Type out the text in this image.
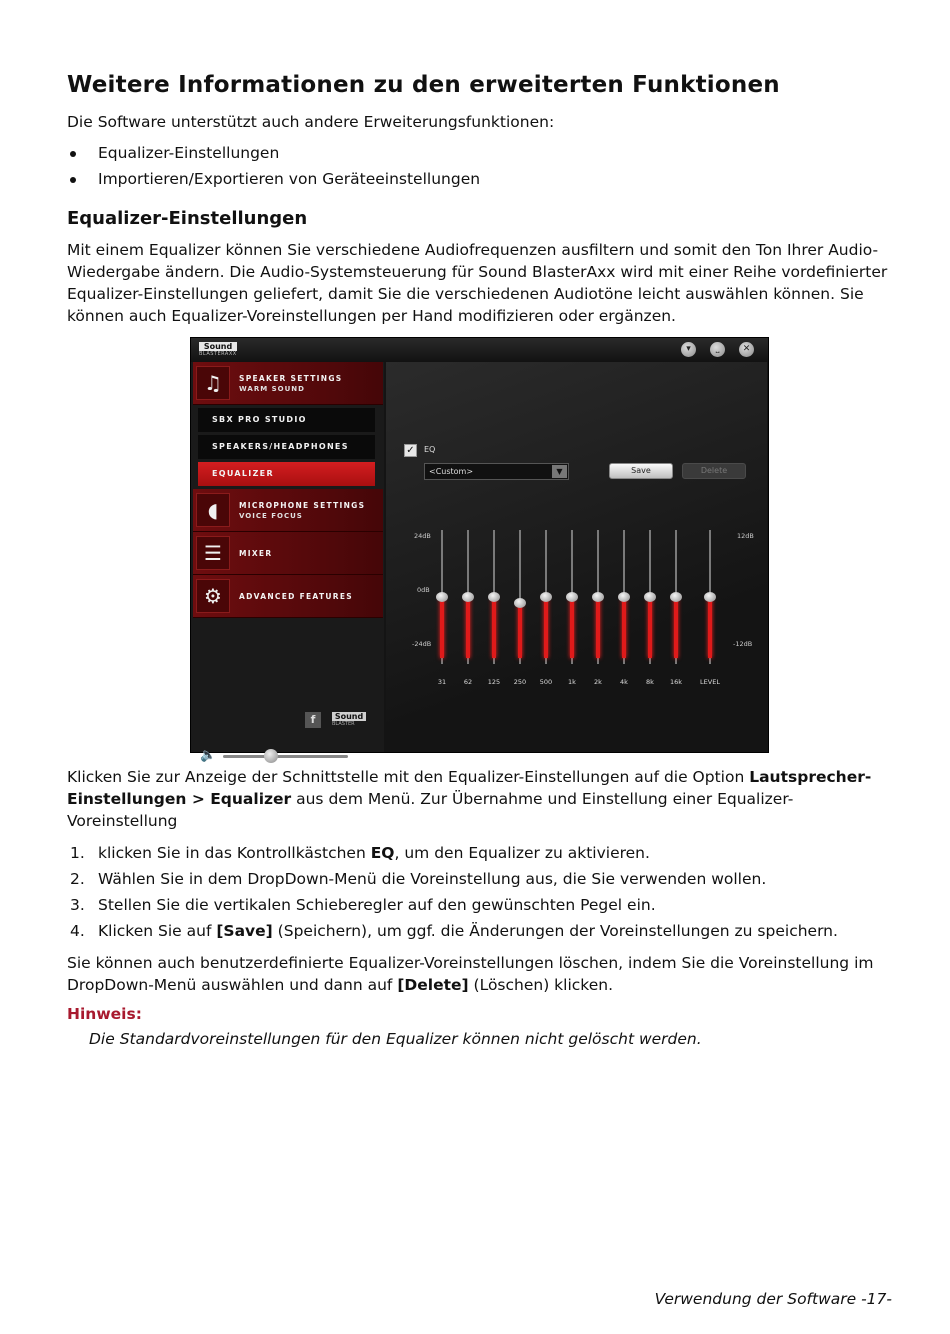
Weitere Informationen zu den erweiterten Funktionen

Die Software unterstützt auch andere Erweiterungsfunktionen:

Equalizer-Einstellungen
Importieren/Exportieren von Geräteeinstellungen
Equalizer-Einstellungen

Mit einem Equalizer können Sie verschiedene Audiofrequenzen ausfiltern und somit den Ton Ihrer Audio-Wiedergabe ändern. Die Audio-Systemsteuerung für Sound BlasterAxx wird mit einer Reihe vordefinierter Equalizer-Einstellungen geliefert, damit Sie die verschiedenen Audiotöne leicht auswählen können. Sie können auch Equalizer-Voreinstellungen per Hand modifizieren oder ergänzen.

Sound
BLASTERAXX	▾	⎵	✕
♫	SPEAKER SETTINGS
WARM SOUND
SBX PRO STUDIO
SPEAKERS/HEADPHONES
EQUALIZER
◖	MICROPHONE SETTINGS
VOICE FOCUS
☰	MIXER
⚙	ADVANCED FEATURES
f	Sound
BLASTER
🔈
✓ EQ
<Custom>	▼	Save	Delete
24dB
0dB
-24dB
12dB
-12dB
31	62	125	250	500	1k	2k	4k	8k	16k	LEVEL

Klicken Sie zur Anzeige der Schnittstelle mit den Equalizer-Einstellungen auf die Option Lautsprecher-Einstellungen > Equalizer aus dem Menü. Zur Übernahme und Einstellung einer Equalizer-Voreinstellung

1. klicken Sie in das Kontrollkästchen EQ, um den Equalizer zu aktivieren.
2. Wählen Sie in dem DropDown-Menü die Voreinstellung aus, die Sie verwenden wollen.
3. Stellen Sie die vertikalen Schieberegler auf den gewünschten Pegel ein.
4. Klicken Sie auf [Save] (Speichern), um ggf. die Änderungen der Voreinstellungen zu speichern.

Sie können auch benutzerdefinierte Equalizer-Voreinstellungen löschen, indem Sie die Voreinstellung im DropDown-Menü auswählen und dann auf [Delete] (Löschen) klicken.

Hinweis:

Die Standardvoreinstellungen für den Equalizer können nicht gelöscht werden.

Verwendung der Software -17-
